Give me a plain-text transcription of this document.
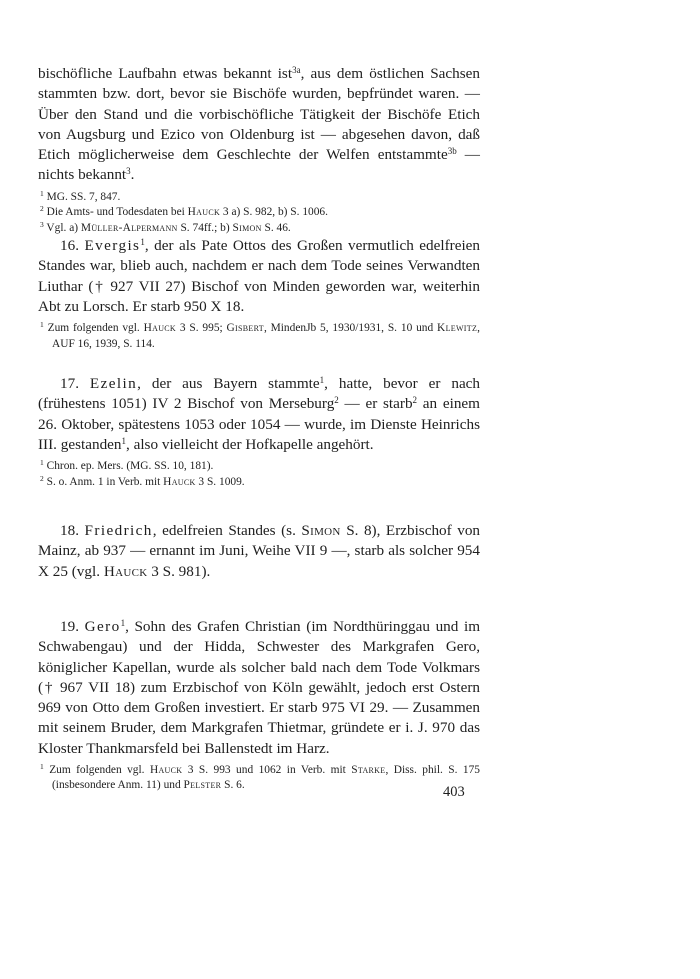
bischöfliche Laufbahn etwas bekannt ist$^{3a}$, aus dem östlichen Sachsen stammten bzw. dort, bevor sie Bischöfe wurden, bepfründet waren. — Über den Stand und die vorbischöfliche Tätigkeit der Bischöfe Etich von Augsburg und Ezico von Oldenburg ist — abgesehen davon, daß Etich möglicherweise dem Geschlechte der Welfen entstammte$^{3b}$ — nichts bekannt$^3$.

$^1$ MG. SS. 7, 847.

$^2$ Die Amts- und Todesdaten bei Hauck 3 a) S. 982, b) S. 1006.

$^3$ Vgl. a) Müller-Alpermann S. 74ff.; b) Simon S. 46.

16. Evergis$^1$, der als Pate Ottos des Großen vermutlich edelfreien Standes war, blieb auch, nachdem er nach dem Tode seines Verwandten Liuthar († 927 VII 27) Bischof von Minden geworden war, weiterhin Abt zu Lorsch. Er starb 950 X 18.

$^1$ Zum folgenden vgl. Hauck 3 S. 995; Gisbert, MindenJb 5, 1930/1931, S. 10 und Klewitz, AUF 16, 1939, S. 114.

17. Ezelin, der aus Bayern stammte$^1$, hatte, bevor er nach (frühestens 1051) IV 2 Bischof von Merseburg$^2$ — er starb$^2$ an einem 26. Oktober, spätestens 1053 oder 1054 — wurde, im Dienste Heinrichs III. gestanden$^1$, also vielleicht der Hofkapelle angehört.

$^1$ Chron. ep. Mers. (MG. SS. 10, 181).

$^2$ S. o. Anm. 1 in Verb. mit Hauck 3 S. 1009.

18. Friedrich, edelfreien Standes (s. Simon S. 8), Erzbischof von Mainz, ab 937 — ernannt im Juni, Weihe VII 9 —, starb als solcher 954 X 25 (vgl. Hauck 3 S. 981).

19. Gero$^1$, Sohn des Grafen Christian (im Nordthüringgau und im Schwabengau) und der Hidda, Schwester des Markgrafen Gero, königlicher Kapellan, wurde als solcher bald nach dem Tode Volkmars († 967 VII 18) zum Erzbischof von Köln gewählt, jedoch erst Ostern 969 von Otto dem Großen investiert. Er starb 975 VI 29. — Zusammen mit seinem Bruder, dem Markgrafen Thietmar, gründete er i. J. 970 das Kloster Thankmarsfeld bei Ballenstedt im Harz.

$^1$ Zum folgenden vgl. Hauck 3 S. 993 und 1062 in Verb. mit Starke, Diss. phil. S. 175 (insbesondere Anm. 11) und Pelster S. 6.	403
